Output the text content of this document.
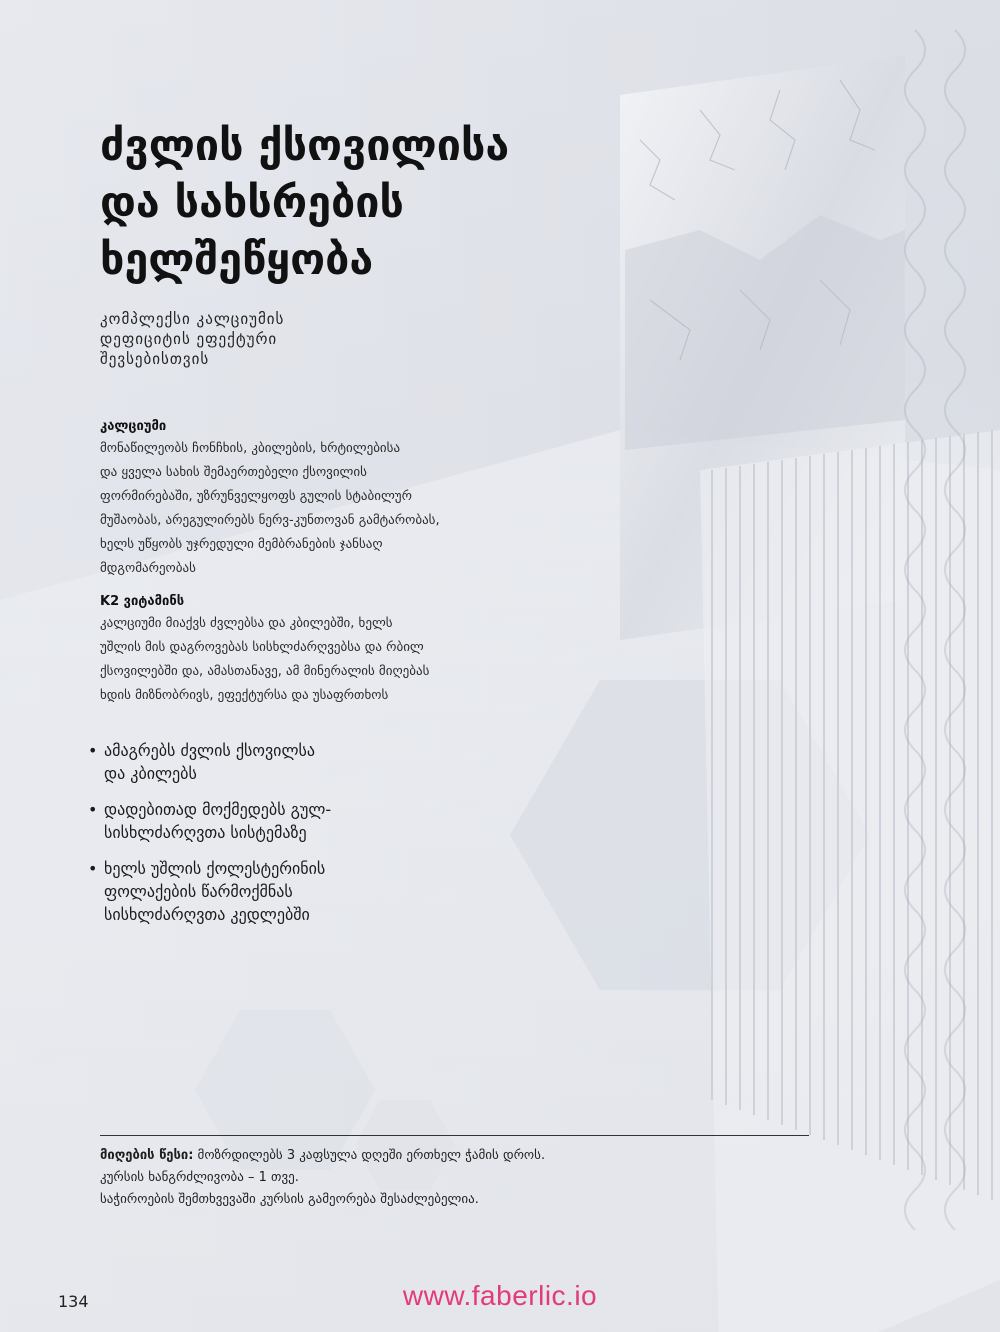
ძვლის ქსოვილისა
და სახსრების
ხელშეწყობა
კომპლექსი კალციუმის
დეფიციტის ეფექტური
შევსებისთვის
კალციუმი
მონაწილეობს ჩონჩხის, კბილების, ხრტილებისა
და ყველა სახის შემაერთებელი ქსოვილის
ფორმირებაში, უზრუნველყოფს გულის სტაბილურ
მუშაობას, არეგულირებს ნერვ-კუნთოვან გამტარობას,
ხელს უწყობს უჯრედული მემბრანების ჯანსაღ
მდგომარეობას
K2 ვიტამინს
კალციუმი მიაქვს ძვლებსა და კბილებში, ხელს
უშლის მის დაგროვებას სისხლძარღვებსა და რბილ
ქსოვილებში და, ამასთანავე, ამ მინერალის მიღებას
ხდის მიზნობრივს, ეფექტურსა და უსაფრთხოს
• ამაგრებს ძვლის ქსოვილსა
და კბილებს
• დადებითად მოქმედებს გულ-
სისხლძარღვთა სისტემაზე
• ხელს უშლის ქოლესტერინის
ფოლაქების წარმოქმნას
სისხლძარღვთა კედლებში
მიღების წესი: მოზრდილებს 3 კაფსულა დღეში ერთხელ ჭამის დროს.
კურსის ხანგრძლივობა – 1 თვე.
საჭიროების შემთხვევაში კურსის გამეორება შესაძლებელია.
134	www.faberlic.io
